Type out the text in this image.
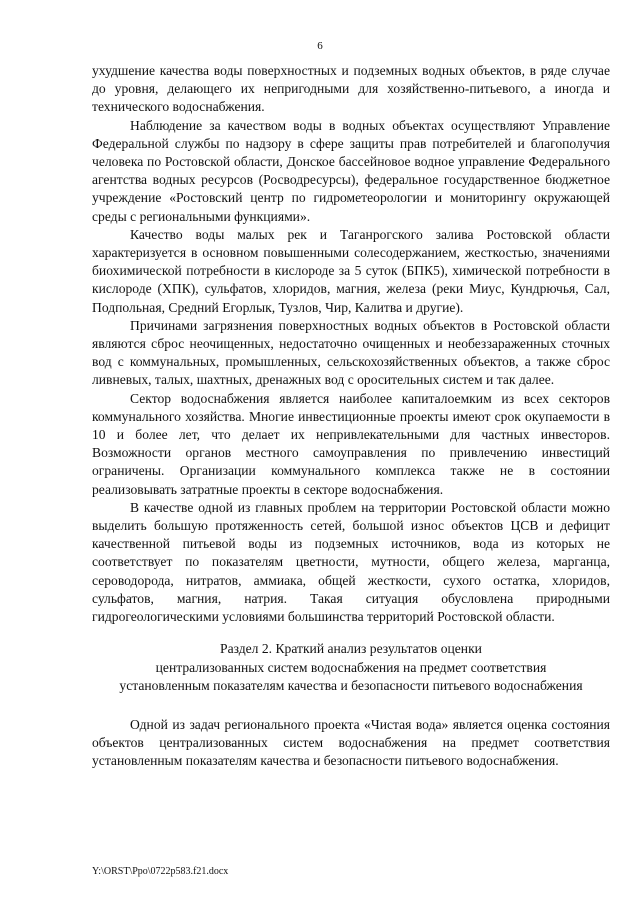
6

ухудшение качества воды поверхностных и подземных водных объектов, в ряде случае до уровня, делающего их непригодными для хозяйственно-питьевого, а иногда и технического водоснабжения.

Наблюдение за качеством воды в водных объектах осуществляют Управление Федеральной службы по надзору в сфере защиты прав потребителей и благополучия человека по Ростовской области, Донское бассейновое водное управление Федерального агентства водных ресурсов (Росводресурсы), федеральное государственное бюджетное учреждение «Ростовский центр по гидрометеорологии и мониторингу окружающей среды с региональными функциями».

Качество воды малых рек и Таганрогского залива Ростовской области характеризуется в основном повышенными солесодержанием, жесткостью, значениями биохимической потребности в кислороде за 5 суток (БПК5), химической потребности в кислороде (ХПК), сульфатов, хлоридов, магния, железа (реки Миус, Кундрючья, Сал, Подпольная, Средний Егорлык, Тузлов, Чир, Калитва и другие).

Причинами загрязнения поверхностных водных объектов в Ростовской области являются сброс неочищенных, недостаточно очищенных и необеззараженных сточных вод с коммунальных, промышленных, сельскохозяйственных объектов, а также сброс ливневых, талых, шахтных, дренажных вод с оросительных систем и так далее.

Сектор водоснабжения является наиболее капиталоемким из всех секторов коммунального хозяйства. Многие инвестиционные проекты имеют срок окупаемости в 10 и более лет, что делает их непривлекательными для частных инвесторов. Возможности органов местного самоуправления по привлечению инвестиций ограничены. Организации коммунального комплекса также не в состоянии реализовывать затратные проекты в секторе водоснабжения.

В качестве одной из главных проблем на территории Ростовской области можно выделить большую протяженность сетей, большой износ объектов ЦСВ и дефицит качественной питьевой воды из подземных источников, вода из которых не соответствует по показателям цветности, мутности, общего железа, марганца, сероводорода, нитратов, аммиака, общей жесткости, сухого остатка, хлоридов, сульфатов, магния, натрия. Такая ситуация обусловлена природными гидрогеологическими условиями большинства территорий Ростовской области.

Раздел 2. Краткий анализ результатов оценки
централизованных систем водоснабжения на предмет соответствия
установленным показателям качества и безопасности питьевого водоснабжения

Одной из задач регионального проекта «Чистая вода» является оценка состояния объектов централизованных систем водоснабжения на предмет соответствия установленным показателям качества и безопасности питьевого водоснабжения.

Y:\ORST\Ppo\0722p583.f21.docx
